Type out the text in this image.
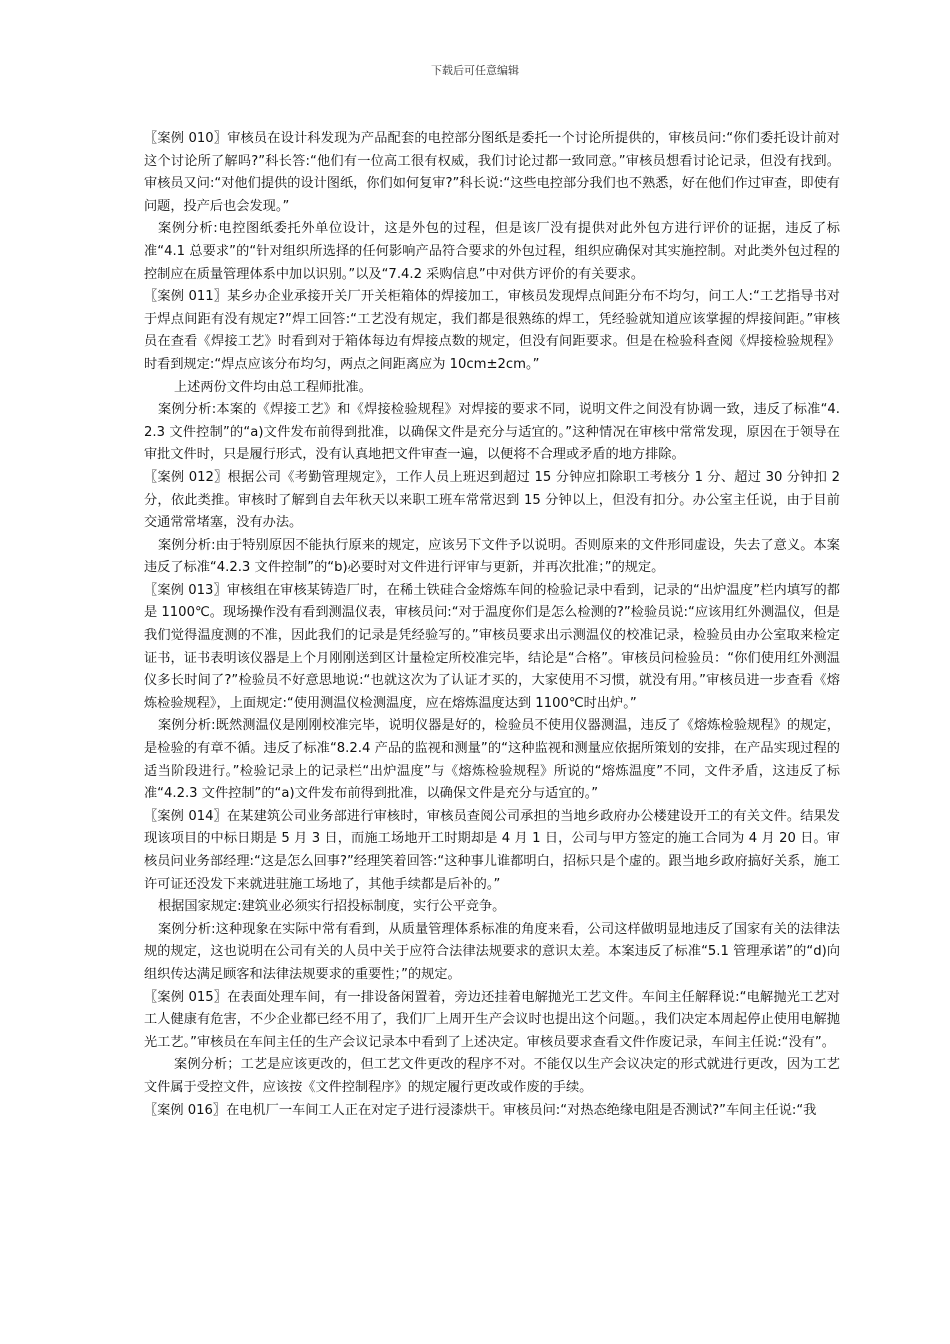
下载后可任意编辑

〖案例 010〗审核员在设计科发现为产品配套的电控部分图纸是委托一个讨论所提供的，审核员问:“你们委托设计前对这个讨论所了解吗?”科长答:“他们有一位高工很有权威，我们讨论过都一致同意。”审核员想看讨论记录，但没有找到。审核员又问:“对他们提供的设计图纸，你们如何复审?”科长说:“这些电控部分我们也不熟悉，好在他们作过审查，即使有问题，投产后也会发现。”

案例分析:电控图纸委托外单位设计，这是外包的过程，但是该厂没有提供对此外包方进行评价的证据，违反了标准“4.1 总要求”的“针对组织所选择的任何影响产品符合要求的外包过程，组织应确保对其实施控制。对此类外包过程的控制应在质量管理体系中加以识别。”以及“7.4.2 采购信息”中对供方评价的有关要求。

〖案例 011〗某乡办企业承接开关厂开关柜箱体的焊接加工，审核员发现焊点间距分布不均匀，问工人:“工艺指导书对于焊点间距有没有规定?”焊工回答:“工艺没有规定，我们都是很熟练的焊工，凭经验就知道应该掌握的焊接间距。”审核员在查看《焊接工艺》时看到对于箱体每边有焊接点数的规定，但没有间距要求。但是在检验科查阅《焊接检验规程》时看到规定:“焊点应该分布均匀，两点之间距离应为 10cm±2cm。”

上述两份文件均由总工程师批准。

案例分析:本案的《焊接工艺》和《焊接检验规程》对焊接的要求不同，说明文件之间没有协调一致，违反了标准“4.2.3 文件控制”的“a)文件发布前得到批准，以确保文件是充分与适宜的。”这种情况在审核中常常发现，原因在于领导在审批文件时，只是履行形式，没有认真地把文件审查一遍，以便将不合理或矛盾的地方排除。

〖案例 012〗根据公司《考勤管理规定》，工作人员上班迟到超过 15 分钟应扣除职工考核分 1 分、超过 30 分钟扣 2 分，依此类推。审核时了解到自去年秋天以来职工班车常常迟到 15 分钟以上，但没有扣分。办公室主任说，由于目前交通常常堵塞，没有办法。

案例分析:由于特别原因不能执行原来的规定，应该另下文件予以说明。否则原来的文件形同虚设，失去了意义。本案违反了标准“4.2.3 文件控制”的“b)必要时对文件进行评审与更新，并再次批准；”的规定。

〖案例 013〗审核组在审核某铸造厂时，在稀土铁硅合金熔炼车间的检验记录中看到，记录的“出炉温度”栏内填写的都是 1100℃。现场操作没有看到测温仪表，审核员问:“对于温度你们是怎么检测的?”检验员说:“应该用红外测温仪，但是我们觉得温度测的不准，因此我们的记录是凭经验写的。”审核员要求出示测温仪的校准记录，检验员由办公室取来检定证书，证书表明该仪器是上个月刚刚送到区计量检定所校准完毕，结论是“合格”。审核员问检验员：“你们使用红外测温仪多长时间了?”检验员不好意思地说:“也就这次为了认证才买的，大家使用不习惯，就没有用。”审核员进一步查看《熔炼检验规程》，上面规定:“使用测温仪检测温度，应在熔炼温度达到 1100℃时出炉。”

案例分析:既然测温仪是刚刚校准完毕，说明仪器是好的，检验员不使用仪器测温，违反了《熔炼检验规程》的规定，是检验的有章不循。违反了标准“8.2.4 产品的监视和测量”的“这种监视和测量应依据所策划的安排，在产品实现过程的适当阶段进行。”检验记录上的记录栏“出炉温度”与《熔炼检验规程》所说的“熔炼温度”不同，文件矛盾，这违反了标准“4.2.3 文件控制”的“a)文件发布前得到批准，以确保文件是充分与适宜的。”

〖案例 014〗在某建筑公司业务部进行审核时，审核员查阅公司承担的当地乡政府办公楼建设开工的有关文件。结果发现该项目的中标日期是 5 月 3 日，而施工场地开工时期却是 4 月 1 日，公司与甲方签定的施工合同为 4 月 20 日。审核员问业务部经理:“这是怎么回事?”经理笑着回答:“这种事儿谁都明白，招标只是个虚的。跟当地乡政府搞好关系，施工许可证还没发下来就进驻施工场地了，其他手续都是后补的。”

根据国家规定:建筑业必须实行招投标制度，实行公平竞争。

案例分析:这种现象在实际中常有看到，从质量管理体系标准的角度来看，公司这样做明显地违反了国家有关的法律法规的规定，这也说明在公司有关的人员中关于应符合法律法规要求的意识太差。本案违反了标准“5.1 管理承诺”的“d)向组织传达满足顾客和法律法规要求的重要性；”的规定。

〖案例 015〗在表面处理车间，有一排设备闲置着，旁边还挂着电解抛光工艺文件。车间主任解释说:“电解抛光工艺对工人健康有危害，不少企业都已经不用了，我们厂上周开生产会议时也提出这个问题。，我们决定本周起停止使用电解抛光工艺。”审核员在车间主任的生产会议记录本中看到了上述决定。审核员要求查看文件作废记录，车间主任说:“没有”。

案例分析；工艺是应该更改的，但工艺文件更改的程序不对。不能仅以生产会议决定的形式就进行更改，因为工艺文件属于受控文件，应该按《文件控制程序》的规定履行更改或作废的手续。

〖案例 016〗在电机厂一车间工人正在对定子进行浸漆烘干。审核员问:“对热态绝缘电阻是否测试?”车间主任说:“我
